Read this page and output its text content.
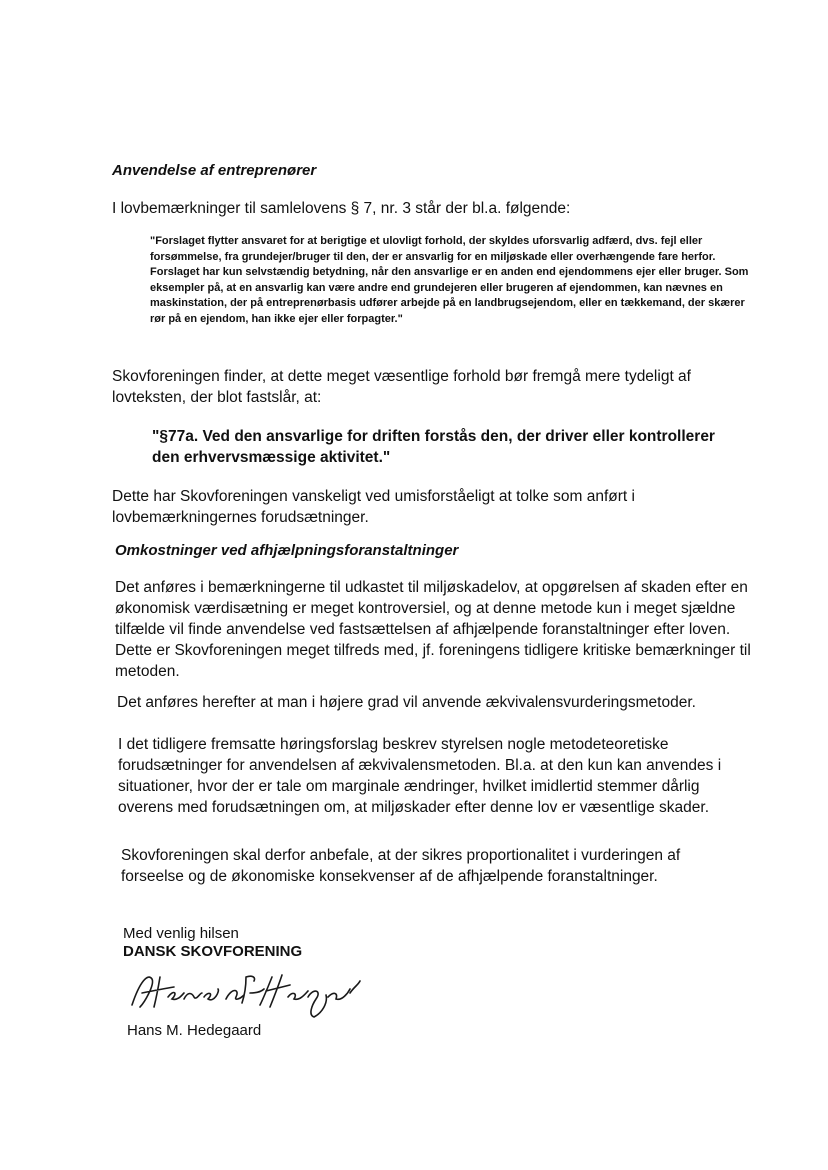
Anvendelse af entreprenører

I lovbemærkninger til samlelovens § 7, nr. 3 står der bl.a. følgende:

"Forslaget flytter ansvaret for at berigtige et ulovligt forhold, der skyldes uforsvarlig adfærd, dvs. fejl eller forsømmelse, fra grundejer/bruger til den, der er ansvarlig for en miljøskade eller overhængende fare herfor. Forslaget har kun selvstændig betydning, når den ansvarlige er en anden end ejendommens ejer eller bruger. Som eksempler på, at en ansvarlig kan være andre end grundejeren eller brugeren af ejendommen, kan nævnes en maskinstation, der på entreprenørbasis udfører arbejde på en landbrugsejendom, eller en tækkemand, der skærer rør på en ejendom, han ikke ejer eller forpagter."

Skovforeningen finder, at dette meget væsentlige forhold bør fremgå mere tydeligt af lovteksten, der blot fastslår, at:

"§77a. Ved den ansvarlige for driften forstås den, der driver eller kontrollerer den erhvervsmæssige aktivitet."

Dette har Skovforeningen vanskeligt ved umisforståeligt at tolke som anført i lovbemærkningernes forudsætninger.

Omkostninger ved afhjælpningsforanstaltninger

Det anføres i bemærkningerne til udkastet til miljøskadelov, at opgørelsen af skaden efter en økonomisk værdisætning er meget kontroversiel, og at denne metode kun i meget sjældne tilfælde vil finde anvendelse ved fastsættelsen af afhjælpende foranstaltninger efter loven. Dette er Skovforeningen meget tilfreds med, jf. foreningens tidligere kritiske bemærkninger til metoden.

Det anføres herefter at man i højere grad vil anvende ækvivalensvurderingsmetoder.

I det tidligere fremsatte høringsforslag beskrev styrelsen nogle metodeteoretiske forudsætninger for anvendelsen af ækvivalensmetoden. Bl.a. at den kun kan anvendes i situationer, hvor der er tale om marginale ændringer, hvilket imidlertid stemmer dårlig overens med forudsætningen om, at miljøskader efter denne lov er væsentlige skader.

Skovforeningen skal derfor anbefale, at der sikres proportionalitet i vurderingen af forseelse og de økonomiske konsekvenser af de afhjælpende foranstaltninger.

Med venlig hilsen
DANSK SKOVFORENING
Hans M. Hedegaard
